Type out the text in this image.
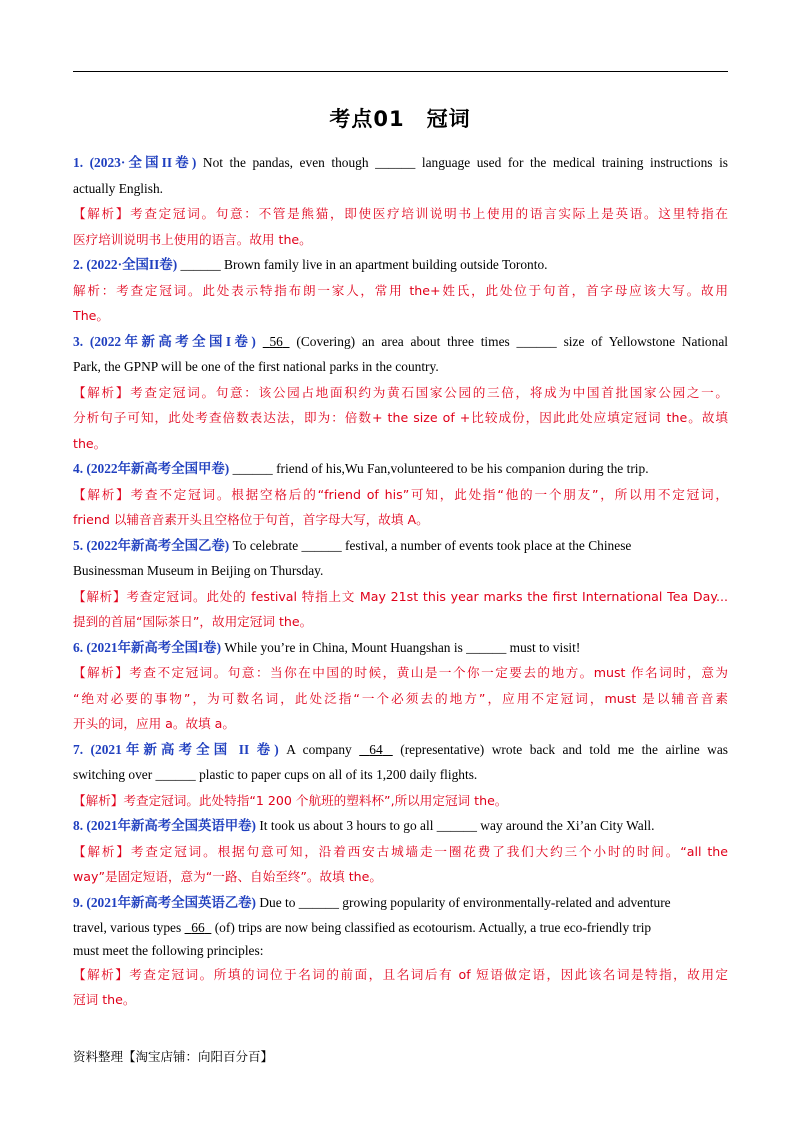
考点01　冠词
1. (2023·全国II卷) Not the pandas, even though ______ language used for the medical training instructions is
actually English.
【解析】考查定冠词。句意：不管是熊猫，即使医疗培训说明书上使用的语言实际上是英语。这里特指在
医疗培训说明书上使用的语言。故用 the。
2. (2022·全国II卷) ______ Brown family live in an apartment building outside Toronto.
解析：考查定冠词。此处表示特指布朗一家人，常用 the+姓氏，此处位于句首，首字母应该大写。故用
The。
3. (2022年新高考全国I卷) 56   (Covering) an area about three times ______ size of Yellowstone National
Park, the GPNP will be one of the first national parks in the country.
【解析】考查定冠词。句意：该公园占地面积约为黄石国家公园的三倍，将成为中国首批国家公园之一。
分析句子可知，此处考查倍数表达法，即为：倍数+ the size of +比较成份，因此此处应填定冠词 the。故填
the。
4. (2022年新高考全国甲卷) ______ friend of his,Wu Fan,volunteered to be his companion during the trip.
【解析】考查不定冠词。根据空格后的“friend of his”可知，此处指“他的一个朋友”，所以用不定冠词，
friend 以辅音音素开头且空格位于句首，首字母大写，故填 A。
5. (2022年新高考全国乙卷) To celebrate ______ festival, a number of events took place at the Chinese
Businessman Museum in Beijing on Thursday.
【解析】考查定冠词。此处的 festival 特指上文 May 21st this year marks the first International Tea Day...
提到的首届“国际茶日”，故用定冠词 the。
6. (2021年新高考全国I卷) While you’re in China, Mount Huangshan is ______ must to visit!
【解析】考查不定冠词。句意：当你在中国的时候，黄山是一个你一定要去的地方。must 作名词时，意为
“绝对必要的事物”，为可数名词，此处泛指“一个必须去的地方”，应用不定冠词，must 是以辅音音素
开头的词，应用 a。故填 a。
7. (2021年新高考全国 II 卷) A company    64    (representative) wrote back and told me the airline was
switching over ______ plastic to paper cups on all of its 1,200 daily flights.
【解析】考查定冠词。此处特指“1 200 个航班的塑料杯”,所以用定冠词 the。
8. (2021年新高考全国英语甲卷) It took us about 3 hours to go all ______ way around the Xi’an City Wall.
【解析】考查定冠词。根据句意可知，沿着西安古城墙走一圈花费了我们大约三个小时的时间。“all the
way”是固定短语，意为“一路、自始至终”。故填 the。
9. (2021年新高考全国英语乙卷) Due to ______ growing popularity of environmentally-related and adventure
travel, various types   66   (of) trips are now being classified as ecotourism. Actually, a true eco-friendly trip
must meet the following principles:
【解析】考查定冠词。所填的词位于名词的前面，且名词后有 of 短语做定语，因此该名词是特指，故用定
冠词 the。
资料整理【淘宝店铺：向阳百分百】
